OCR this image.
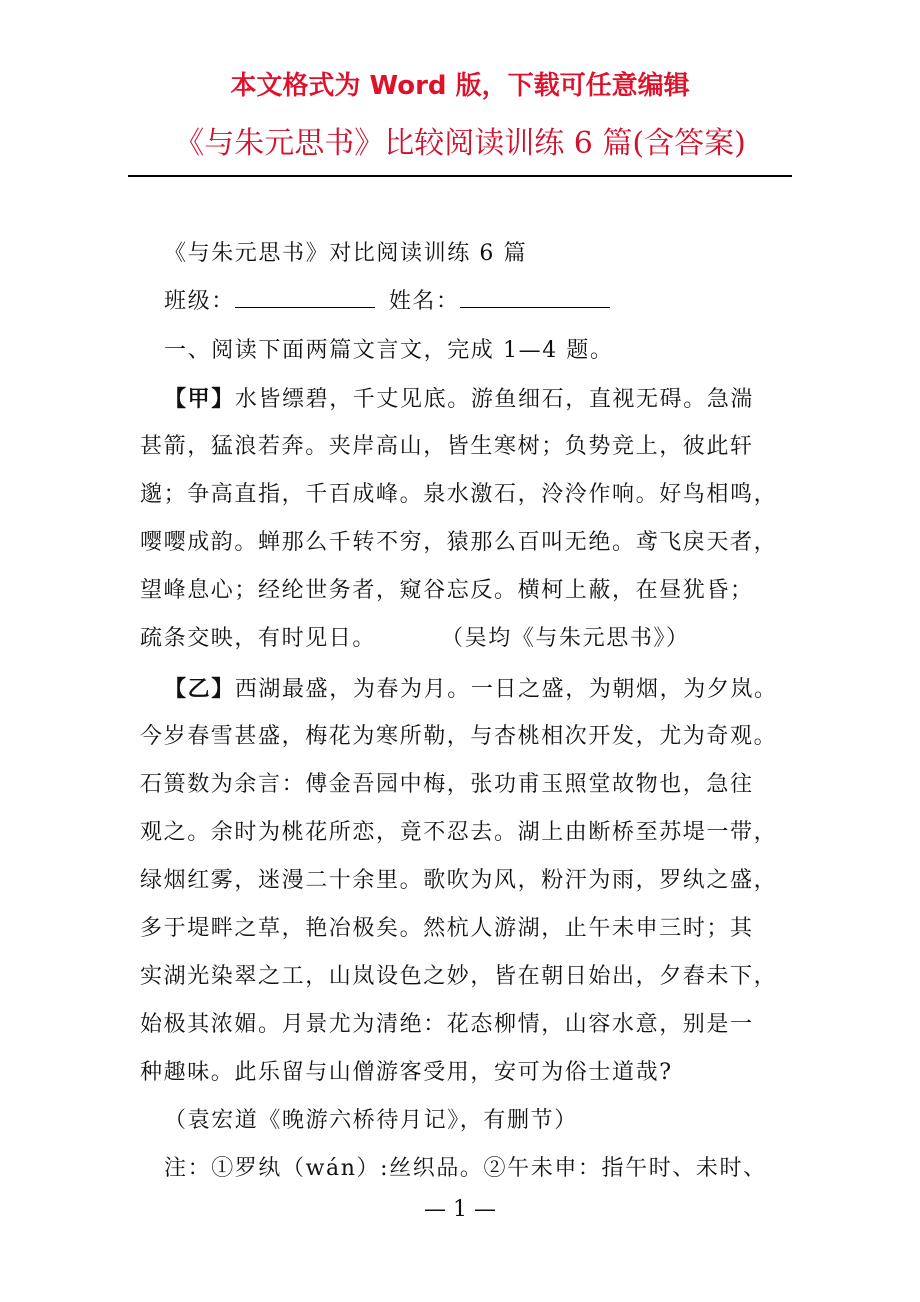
本文格式为 Word 版，下载可任意编辑
《与朱元思书》比较阅读训练 6 篇(含答案)
《与朱元思书》对比阅读训练 6 篇
班级：	姓名：
一、阅读下面两篇文言文，完成 1—4 题。
【甲】水皆缥碧，千丈见底。游鱼细石，直视无碍。急湍
甚箭，猛浪若奔。夹岸高山，皆生寒树；负势竞上，彼此轩
邈；争高直指，千百成峰。泉水激石，泠泠作响。好鸟相鸣，
嘤嘤成韵。蝉那么千转不穷，猿那么百叫无绝。鸢飞戾天者，
望峰息心；经纶世务者，窥谷忘反。横柯上蔽，在昼犹昏；
疏条交映，有时见日。	（吴均《与朱元思书》）
【乙】西湖最盛，为春为月。一日之盛，为朝烟，为夕岚。
今岁春雪甚盛，梅花为寒所勒，与杏桃相次开发，尤为奇观。
石篑数为余言：傅金吾园中梅，张功甫玉照堂故物也，急往
观之。余时为桃花所恋，竟不忍去。湖上由断桥至苏堤一带，
绿烟红雾，迷漫二十余里。歌吹为风，粉汗为雨，罗纨之盛，
多于堤畔之草，艳冶极矣。然杭人游湖，止午未申三时；其
实湖光染翠之工，山岚设色之妙，皆在朝日始出，夕舂未下，
始极其浓媚。月景尤为清绝：花态柳情，山容水意，别是一
种趣味。此乐留与山僧游客受用，安可为俗士道哉?
（袁宏道《晚游六桥待月记》，有删节）
注：①罗纨（wán）:丝织品。②午未申：指午时、未时、
— 1 —
